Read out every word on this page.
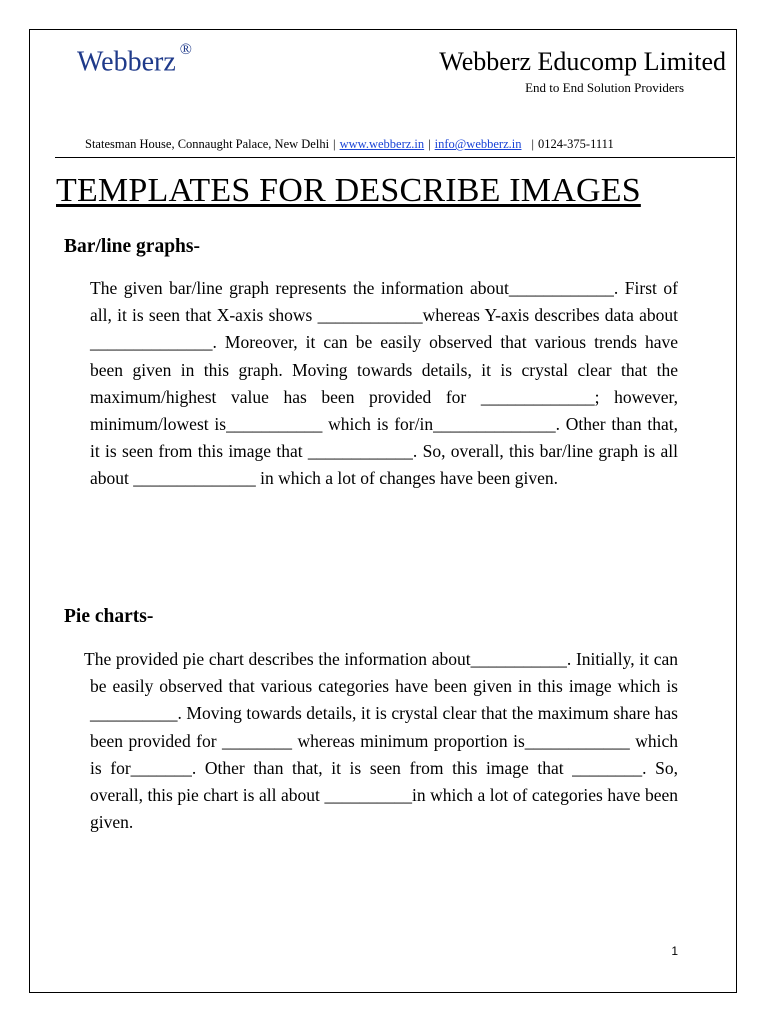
Webberz ®	Webberz Educomp Limited
End to End Solution Providers
Statesman House, Connaught Palace, New Delhi | www.webberz.in | info@webberz.in | 0124-375-1111
TEMPLATES FOR DESCRIBE IMAGES
Bar/line graphs-

The given bar/line graph represents the information about____________. First of all, it is seen that X-axis shows ____________whereas Y-axis describes data about ______________. Moreover, it can be easily observed that various trends have been given in this graph. Moving towards details, it is crystal clear that the maximum/highest value has been provided for _____________; however, minimum/lowest is___________ which is for/in______________. Other than that, it is seen from this image that ____________. So, overall, this bar/line graph is all about ______________ in which a lot of changes have been given.

Pie charts-

The provided pie chart describes the information about___________. Initially, it can be easily observed that various categories have been given in this image which is __________. Moving towards details, it is crystal clear that the maximum share has been provided for ________ whereas minimum proportion is____________ which is for_______. Other than that, it is seen from this image that ________. So, overall, this pie chart is all about __________in which a lot of categories have been given.

1
